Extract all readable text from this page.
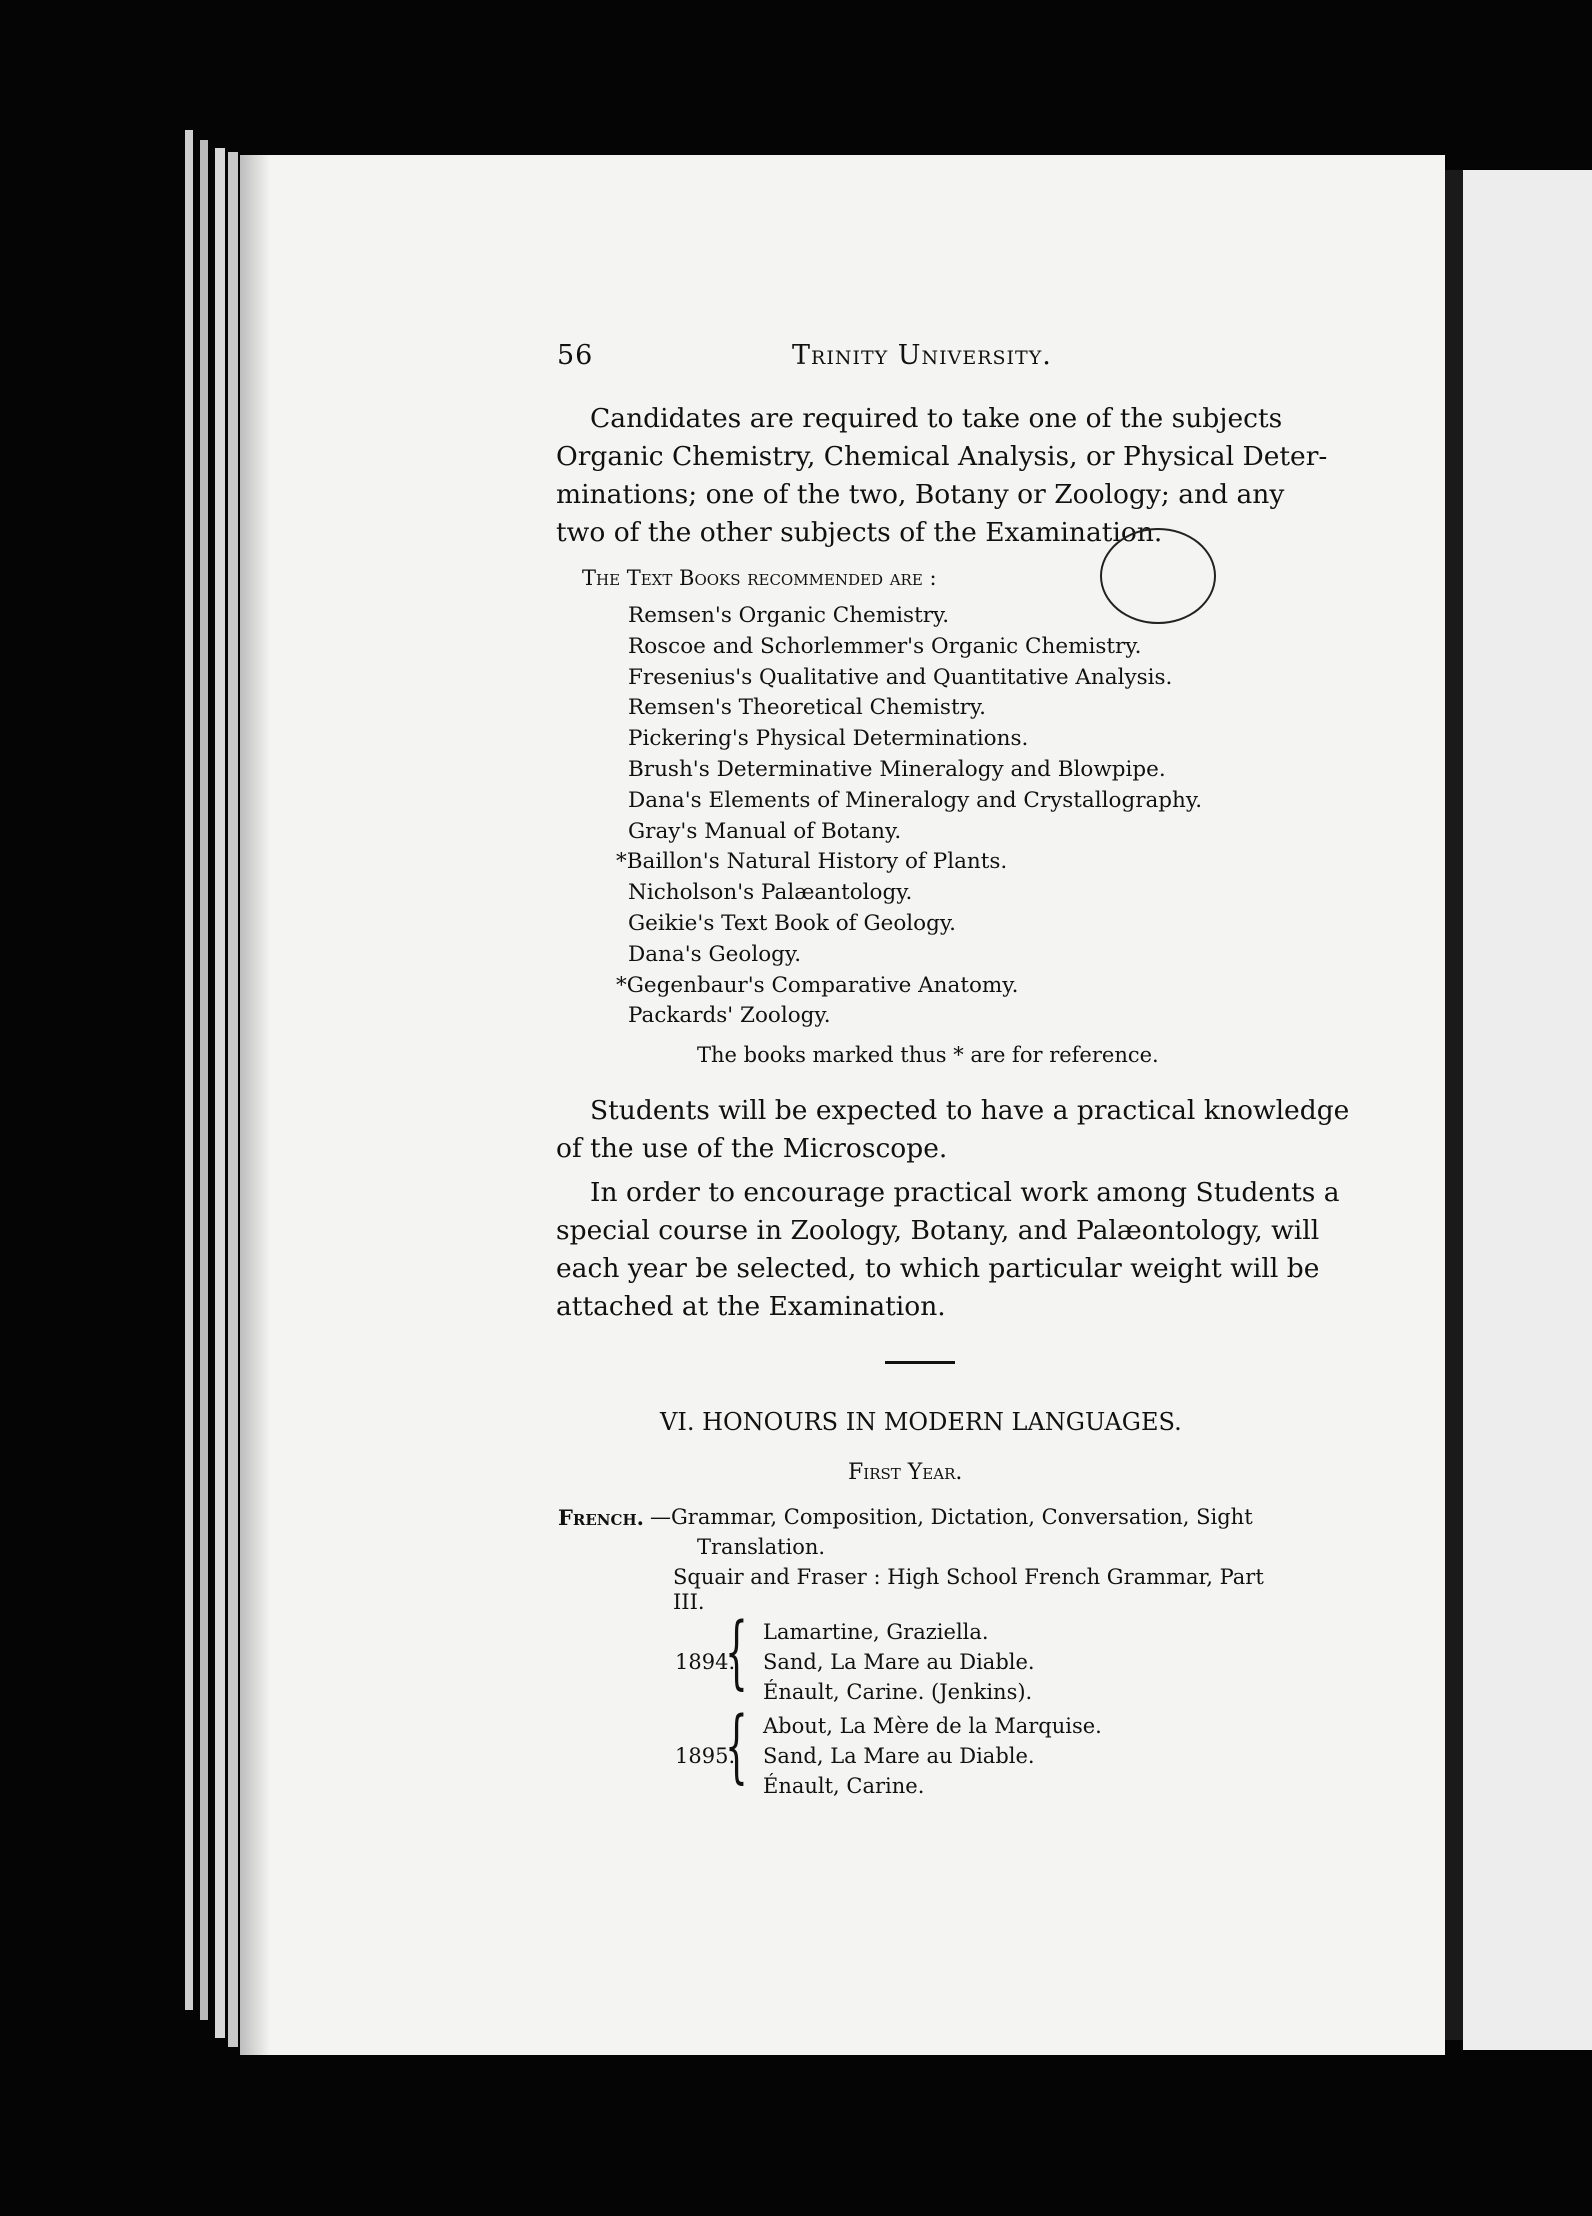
56	Trinity University.
Candidates are required to take one of the subjects
Organic Chemistry, Chemical Analysis, or Physical Deter-
minations; one of the two, Botany or Zoology; and any
two of the other subjects of the Examination.
The Text Books recommended are :
Remsen's Organic Chemistry.
Roscoe and Schorlemmer's Organic Chemistry.
Fresenius's Qualitative and Quantitative Analysis.
Remsen's Theoretical Chemistry.
Pickering's Physical Determinations.
Brush's Determinative Mineralogy and Blowpipe.
Dana's Elements of Mineralogy and Crystallography.
Gray's Manual of Botany.
*Baillon's Natural History of Plants.
Nicholson's Palæantology.
Geikie's Text Book of Geology.
Dana's Geology.
*Gegenbaur's Comparative Anatomy.
Packards' Zoology.
The books marked thus * are for reference.
Students will be expected to have a practical knowledge
of the use of the Microscope.
In order to encourage practical work among Students a
special course in Zoology, Botany, and Palæontology, will
each year be selected, to which particular weight will be
attached at the Examination.
VI. HONOURS IN MODERN LANGUAGES.
First Year.
French. —Grammar, Composition, Dictation, Conversation, Sight
Translation.
Squair and Fraser : High School French Grammar, Part
III.
1894.
{ Lamartine, Graziella.
Sand, La Mare au Diable.
Énault, Carine. (Jenkins).
1895.
{ About, La Mère de la Marquise.
Sand, La Mare au Diable.
Énault, Carine.
